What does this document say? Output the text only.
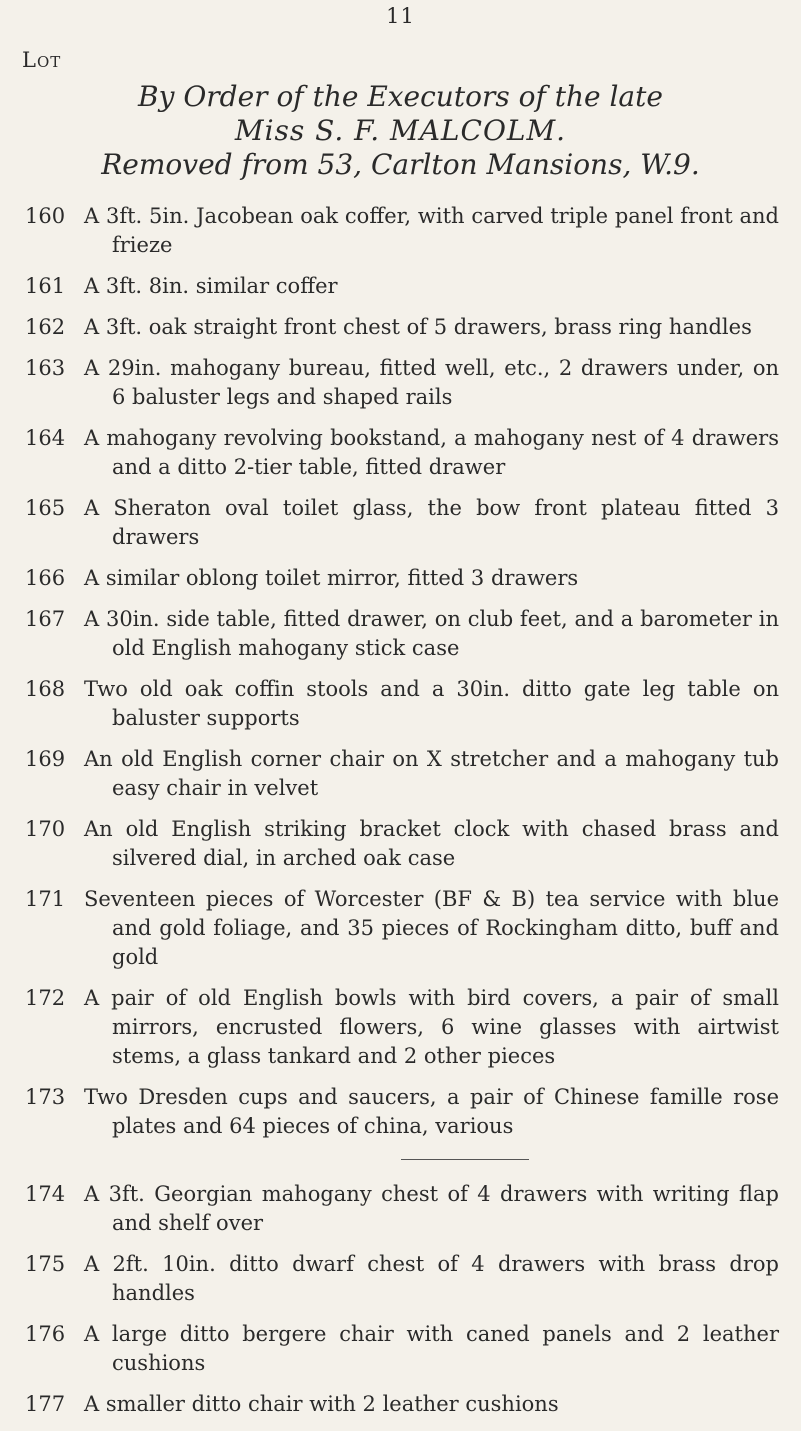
11
Lot
By Order of the Executors of the late
Miss S. F. MALCOLM.
Removed from 53, Carlton Mansions, W.9.
160 A 3ft. 5in. Jacobean oak coffer, with carved triple panel front and frieze
161 A 3ft. 8in. similar coffer
162 A 3ft. oak straight front chest of 5 drawers, brass ring handles
163 A 29in. mahogany bureau, fitted well, etc., 2 drawers under, on 6 baluster legs and shaped rails
164 A mahogany revolving bookstand, a mahogany nest of 4 drawers and a ditto 2-tier table, fitted drawer
165 A Sheraton oval toilet glass, the bow front plateau fitted 3 drawers
166 A similar oblong toilet mirror, fitted 3 drawers
167 A 30in. side table, fitted drawer, on club feet, and a barometer in old English mahogany stick case
168 Two old oak coffin stools and a 30in. ditto gate leg table on baluster supports
169 An old English corner chair on X stretcher and a mahogany tub easy chair in velvet
170 An old English striking bracket clock with chased brass and silvered dial, in arched oak case
171 Seventeen pieces of Worcester (BF & B) tea service with blue and gold foliage, and 35 pieces of Rockingham ditto, buff and gold
172 A pair of old English bowls with bird covers, a pair of small mirrors, encrusted flowers, 6 wine glasses with airtwist stems, a glass tankard and 2 other pieces
173 Two Dresden cups and saucers, a pair of Chinese famille rose plates and 64 pieces of china, various
174 A 3ft. Georgian mahogany chest of 4 drawers with writing flap and shelf over
175 A 2ft. 10in. ditto dwarf chest of 4 drawers with brass drop handles
176 A large ditto bergere chair with caned panels and 2 leather cushions
177 A smaller ditto chair with 2 leather cushions
